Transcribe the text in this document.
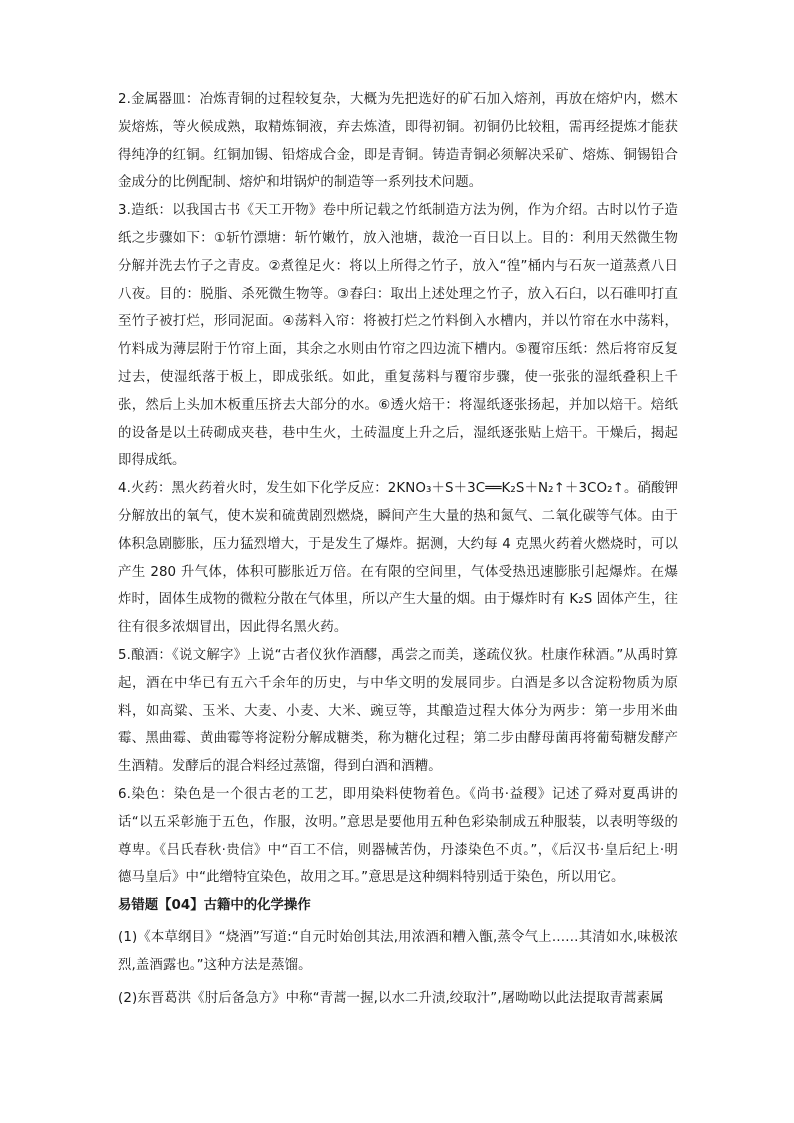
2.金属器皿：冶炼青铜的过程较复杂，大概为先把选好的矿石加入熔剂，再放在熔炉内，燃木炭熔炼，等火候成熟，取精炼铜液，弃去炼渣，即得初铜。初铜仍比较粗，需再经提炼才能获得纯净的红铜。红铜加锡、铅熔成合金，即是青铜。铸造青铜必须解决采矿、熔炼、铜锡铅合金成分的比例配制、熔炉和坩锅炉的制造等一系列技术问题。

3.造纸：以我国古书《天工开物》卷中所记载之竹纸制造方法为例，作为介绍。古时以竹子造纸之步骤如下：①斩竹漂塘：斩竹嫩竹，放入池塘，裁沧一百日以上。目的：利用天然微生物分解并洗去竹子之青皮。②煮徨足火：将以上所得之竹子，放入“徨”桶内与石灰一道蒸煮八日八夜。目的：脱脂、杀死微生物等。③舂臼：取出上述处理之竹子，放入石臼，以石碓叩打直至竹子被打烂，形同泥面。④荡料入帘：将被打烂之竹料倒入水槽内，并以竹帘在水中荡料，竹料成为薄层附于竹帘上面，其余之水则由竹帘之四边流下槽内。⑤覆帘压纸：然后将帘反复过去，使湿纸落于板上，即成张纸。如此，重复荡料与覆帘步骤，使一张张的湿纸叠积上千张，然后上头加木板重压挤去大部分的水。⑥透火焙干：将湿纸逐张扬起，并加以焙干。焙纸的设备是以土砖砌成夹巷，巷中生火，土砖温度上升之后，湿纸逐张贴上焙干。干燥后，揭起即得成纸。

4.火药：黑火药着火时，发生如下化学反应：2KNO₃＋S＋3C══K₂S＋N₂↑＋3CO₂↑。硝酸钾分解放出的氧气，使木炭和硫黄剧烈燃烧，瞬间产生大量的热和氮气、二氧化碳等气体。由于体积急剧膨胀，压力猛烈增大，于是发生了爆炸。据测，大约每 4 克黑火药着火燃烧时，可以产生 280 升气体，体积可膨胀近万倍。在有限的空间里，气体受热迅速膨胀引起爆炸。在爆炸时，固体生成物的微粒分散在气体里，所以产生大量的烟。由于爆炸时有 K₂S 固体产生，往往有很多浓烟冒出，因此得名黑火药。

5.酿酒：《说文解字》上说“古者仪狄作酒醪，禹尝之而美，遂疏仪狄。杜康作秫酒。”从禹时算起，酒在中华已有五六千余年的历史，与中华文明的发展同步。白酒是多以含淀粉物质为原料，如高粱、玉米、大麦、小麦、大米、豌豆等，其酿造过程大体分为两步：第一步用米曲霉、黑曲霉、黄曲霉等将淀粉分解成糖类，称为糖化过程；第二步由酵母菌再将葡萄糖发酵产生酒精。发酵后的混合料经过蒸馏，得到白酒和酒糟。

6.染色：染色是一个很古老的工艺，即用染料使物着色。《尚书·益稷》记述了舜对夏禹讲的话“以五采彰施于五色，作服，汝明。”意思是要他用五种色彩染制成五种服装，以表明等级的尊卑。《吕氏春秋·贵信》中“百工不信，则器械苦伪，丹漆染色不贞。”，《后汉书·皇后纪上·明德马皇后》中“此缯特宜染色，故用之耳。”意思是这种绸料特别适于染色，所以用它。

易错题【04】古籍中的化学操作

(1)《本草纲目》“烧酒”写道:“自元时始创其法,用浓酒和糟入甑,蒸令气上……其清如水,味极浓烈,盖酒露也。”这种方法是蒸馏。

(2)东晋葛洪《肘后备急方》中称“青蒿一握,以水二升渍,绞取汁”,屠呦呦以此法提取青蒿素属
